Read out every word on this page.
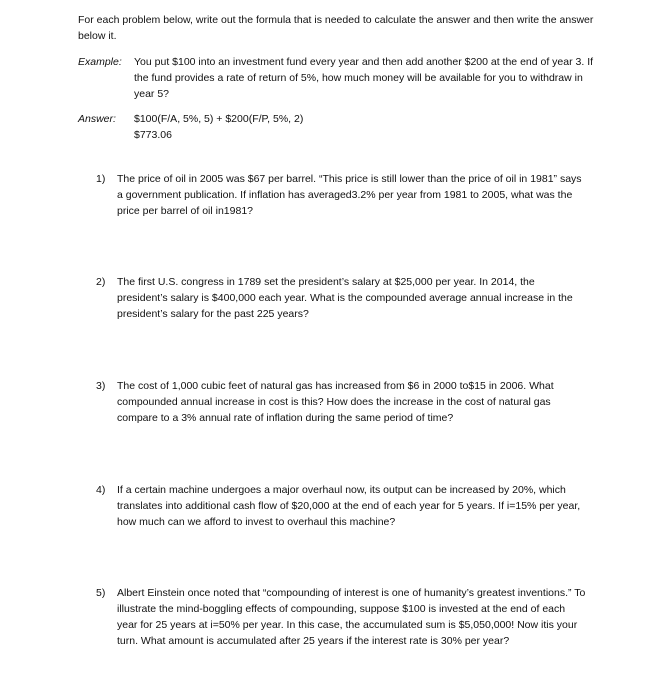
For each problem below, write out the formula that is needed to calculate the answer and then write the answer below it.
Example: You put $100 into an investment fund every year and then add another $200 at the end of year 3. If the fund provides a rate of return of 5%, how much money will be available for you to withdraw in year 5?
Answer: $100(F/A, 5%, 5) + $200(F/P, 5%, 2)

$773.06

1) The price of oil in 2005 was $67 per barrel. “This price is still lower than the price of oil in 1981” says a government publication. If inflation has averaged3.2% per year from 1981 to 2005, what was the price per barrel of oil in1981?
2) The first U.S. congress in 1789 set the president’s salary at $25,000 per year. In 2014, the president’s salary is $400,000 each year. What is the compounded average annual increase in the president’s salary for the past 225 years?
3) The cost of 1,000 cubic feet of natural gas has increased from $6 in 2000 to$15 in 2006. What compounded annual increase in cost is this? How does the increase in the cost of natural gas compare to a 3% annual rate of inflation during the same period of time?
4) If a certain machine undergoes a major overhaul now, its output can be increased by 20%, which translates into additional cash flow of $20,000 at the end of each year for 5 years. If i=15% per year, how much can we afford to invest to overhaul this machine?
5) Albert Einstein once noted that “compounding of interest is one of humanity’s greatest inventions.” To illustrate the mind-boggling effects of compounding, suppose $100 is invested at the end of each year for 25 years at i=50% per year. In this case, the accumulated sum is $5,050,000! Now itis your turn. What amount is accumulated after 25 years if the interest rate is 30% per year?
